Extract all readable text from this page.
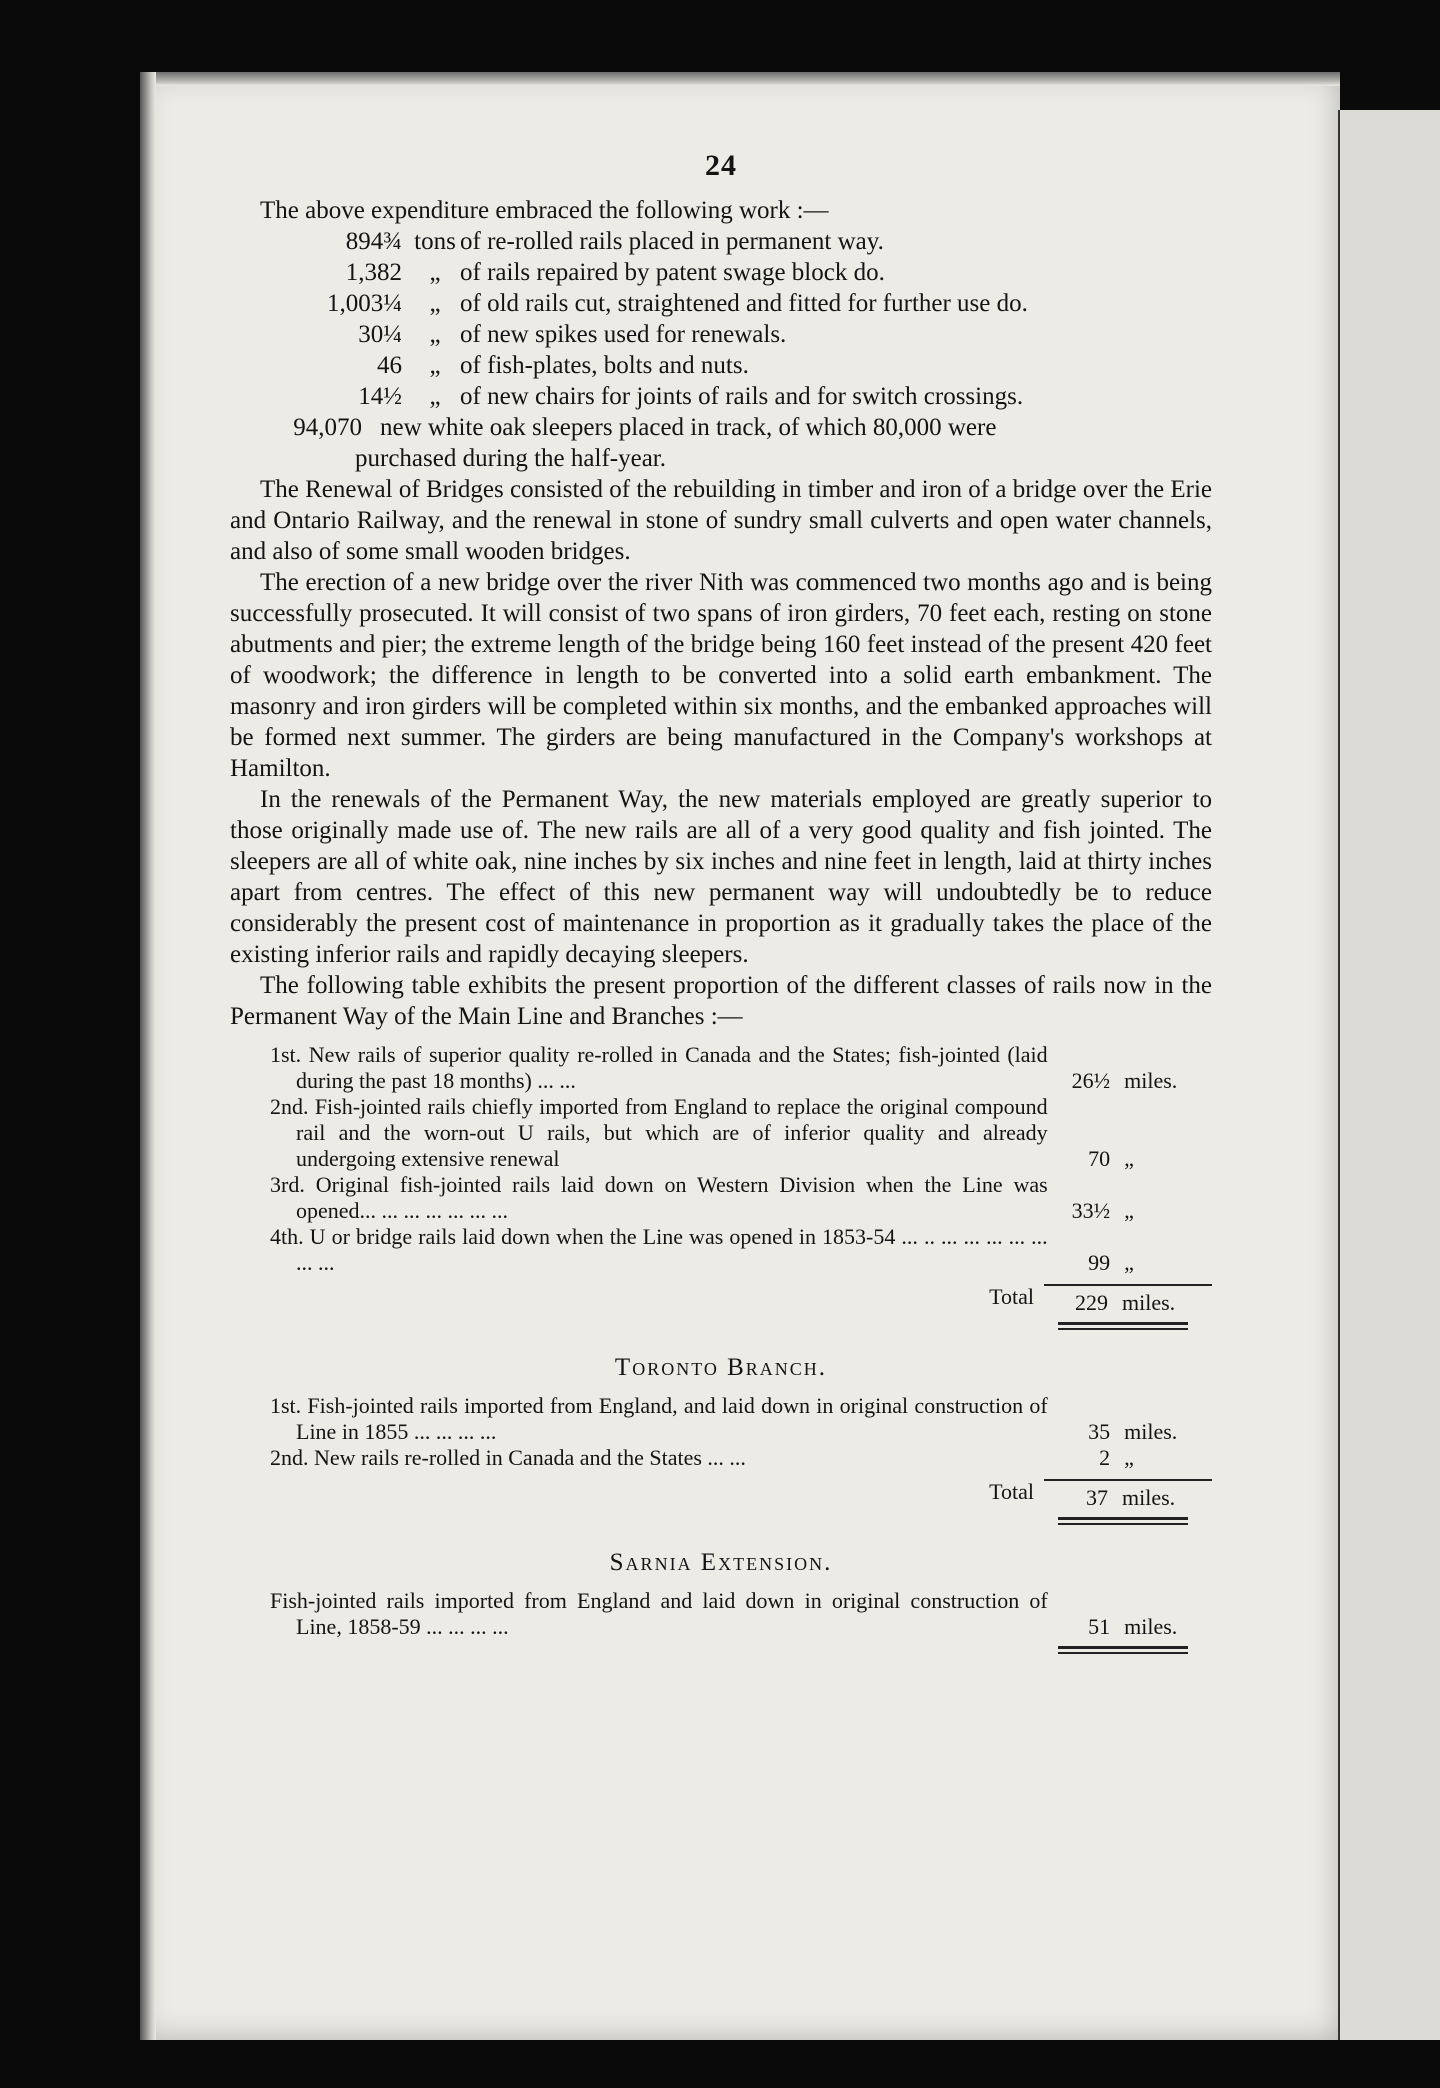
24
The above expenditure embraced the following work :—
894¾ tons of re-rolled rails placed in permanent way.
1,382	„ of rails repaired by patent swage block do.
1,003¼	„ of old rails cut, straightened and fitted for further use do.
30¼	„ of new spikes used for renewals.
46	„ of fish-plates, bolts and nuts.
14½	„ of new chairs for joints of rails and for switch crossings.
94,070 new white oak sleepers placed in track, of which 80,000 were
purchased during the half-year.

The Renewal of Bridges consisted of the rebuilding in timber and iron of a bridge over the Erie and Ontario Railway, and the renewal in stone of sundry small culverts and open water channels, and also of some small wooden bridges.

The erection of a new bridge over the river Nith was commenced two months ago and is being successfully prosecuted. It will consist of two spans of iron girders, 70 feet each, resting on stone abutments and pier; the extreme length of the bridge being 160 feet instead of the present 420 feet of woodwork; the difference in length to be converted into a solid earth embankment. The masonry and iron girders will be completed within six months, and the embanked approaches will be formed next summer. The girders are being manufactured in the Company's workshops at Hamilton.

In the renewals of the Permanent Way, the new materials employed are greatly superior to those originally made use of. The new rails are all of a very good quality and fish jointed. The sleepers are all of white oak, nine inches by six inches and nine feet in length, laid at thirty inches apart from centres. The effect of this new permanent way will undoubtedly be to reduce considerably the present cost of maintenance in proportion as it gradually takes the place of the existing inferior rails and rapidly decaying sleepers.

The following table exhibits the present proportion of the different classes of rails now in the Permanent Way of the Main Line and Branches :—

1st. New rails of superior quality re-rolled in Canada and the States; fish-jointed (laid during the past 18 months) ... ...	26½ miles.
2nd. Fish-jointed rails chiefly imported from England to replace the original compound rail and the worn-out U rails, but which are of inferior quality and already undergoing extensive renewal	70 „
3rd. Original fish-jointed rails laid down on Western Division when the Line was opened... ... ... ... ... ... ...	33½ „
4th. U or bridge rails laid down when the Line was opened in 1853-54 ... .. ... ... ... ... ... ... ...	99 „
Total	229 miles.
Toronto Branch.
1st. Fish-jointed rails imported from England, and laid down in original construction of Line in 1855 ... ... ... ...	35 miles.
2nd. New rails re-rolled in Canada and the States ... ...	2 „
Total	37 miles.
Sarnia Extension.
Fish-jointed rails imported from England and laid down in original construction of Line, 1858-59 ... ... ... ...	51 miles.
